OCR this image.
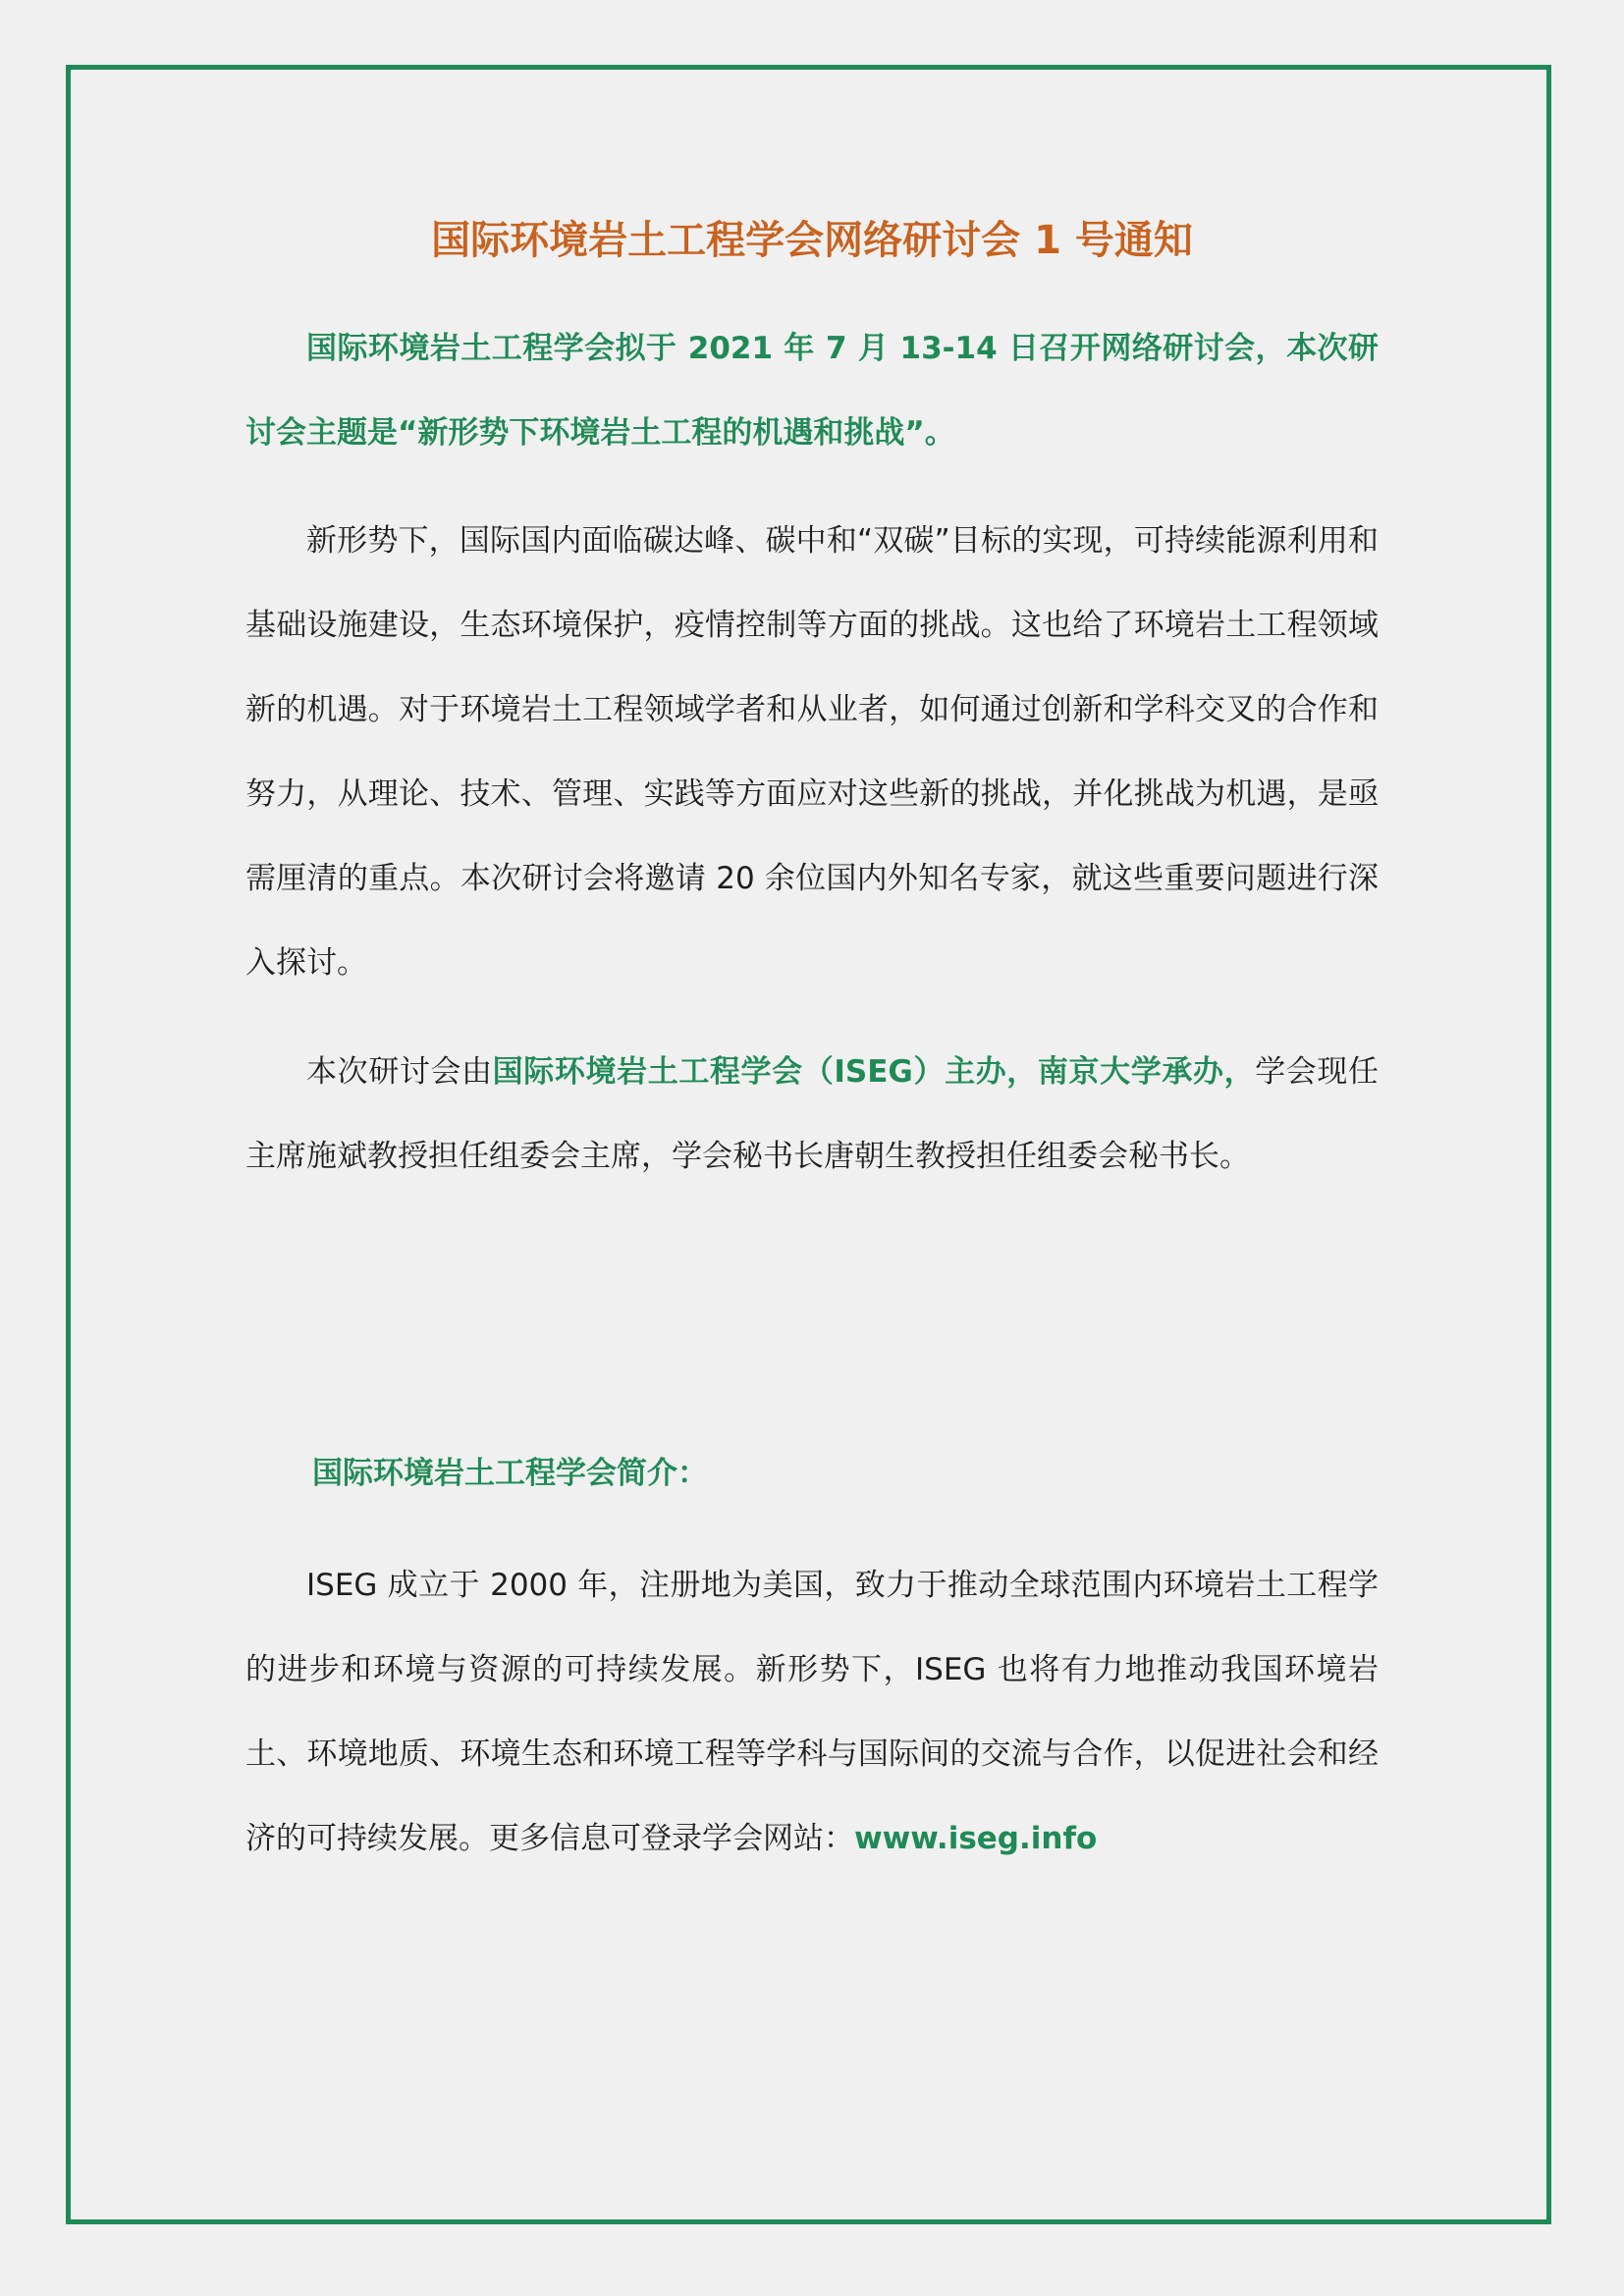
国际环境岩土工程学会网络研讨会 1 号通知

国际环境岩土工程学会拟于 2021 年 7 月 13-14 日召开网络研讨会，本次研讨会主题是“新形势下环境岩土工程的机遇和挑战”。

新形势下，国际国内面临碳达峰、碳中和“双碳”目标的实现，可持续能源利用和基础设施建设，生态环境保护，疫情控制等方面的挑战。这也给了环境岩土工程领域新的机遇。对于环境岩土工程领域学者和从业者，如何通过创新和学科交叉的合作和努力，从理论、技术、管理、实践等方面应对这些新的挑战，并化挑战为机遇，是亟需厘清的重点。本次研讨会将邀请 20 余位国内外知名专家，就这些重要问题进行深入探讨。

本次研讨会由国际环境岩土工程学会（ISEG）主办，南京大学承办，学会现任主席施斌教授担任组委会主席，学会秘书长唐朝生教授担任组委会秘书长。

国际环境岩土工程学会简介：

ISEG 成立于 2000 年，注册地为美国，致力于推动全球范围内环境岩土工程学的进步和环境与资源的可持续发展。新形势下，ISEG 也将有力地推动我国环境岩土、环境地质、环境生态和环境工程等学科与国际间的交流与合作，以促进社会和经济的可持续发展。更多信息可登录学会网站：www.iseg.info
